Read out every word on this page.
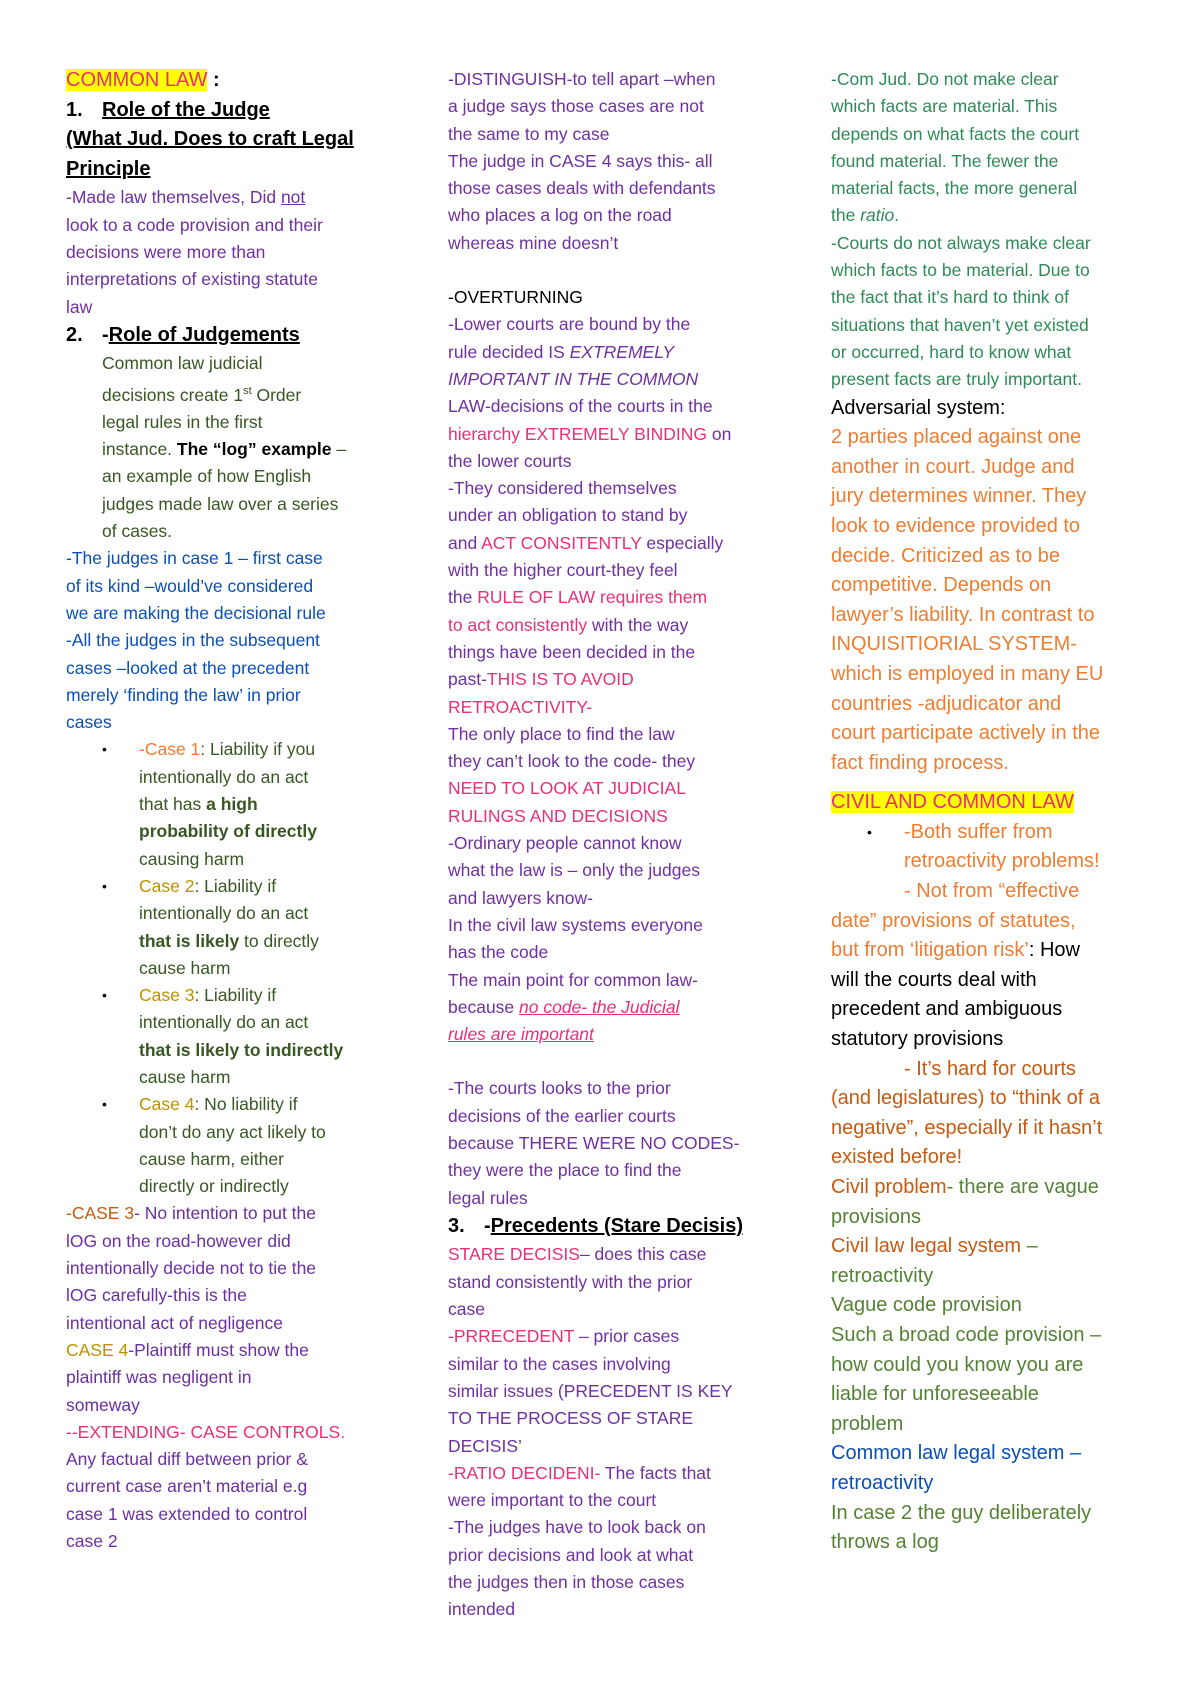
COMMON LAW :
1. Role of the Judge
(What Jud. Does to craft Legal
Principle
-Made law themselves, Did not
look to a code provision and their
decisions were more than
interpretations of existing statute
law
2. - Role of Judgements
Common law judicial
decisions create 1st Order
legal rules in the first
instance. The “log” example –
an example of how English
judges made law over a series
of cases.
-The judges in case 1 – first case
of its kind –would’ve considered
we are making the decisional rule
-All the judges in the subsequent
cases –looked at the precedent
merely ‘finding the law’ in prior
cases
• -Case 1: Liability if you
intentionally do an act
that has a high
probability of directly
causing harm
• Case 2: Liability if
intentionally do an act
that is likely to directly
cause harm
• Case 3: Liability if
intentionally do an act
that is likely to indirectly
cause harm
• Case 4: No liability if
don’t do any act likely to
cause harm, either
directly or indirectly
-CASE 3- No intention to put the
lOG on the road-however did
intentionally decide not to tie the
lOG carefully-this is the
intentional act of negligence
CASE 4-Plaintiff must show the
plaintiff was negligent in
someway
--EXTENDING- CASE CONTROLS.
Any factual diff between prior &
current case aren’t material e.g
case 1 was extended to control
case 2
-DISTINGUISH-to tell apart –when
a judge says those cases are not
the same to my case
The judge in CASE 4 says this- all
those cases deals with defendants
who places a log on the road
whereas mine doesn’t
-OVERTURNING
-Lower courts are bound by the
rule decided IS EXTREMELY
IMPORTANT IN THE COMMON
LAW-decisions of the courts in the
hierarchy EXTREMELY BINDING on
the lower courts
-They considered themselves
under an obligation to stand by
and ACT CONSITENTLY especially
with the higher court-they feel
the RULE OF LAW requires them
to act consistently with the way
things have been decided in the
past-THIS IS TO AVOID
RETROACTIVITY-
The only place to find the law
they can’t look to the code- they
NEED TO LOOK AT JUDICIAL
RULINGS AND DECISIONS
-Ordinary people cannot know
what the law is – only the judges
and lawyers know-
In the civil law systems everyone
has the code
The main point for common law-
because no code- the Judicial
rules are important
-The courts looks to the prior
decisions of the earlier courts
because THERE WERE NO CODES-
they were the place to find the
legal rules
3. - Precedents (Stare Decisis)
STARE DECISIS– does this case
stand consistently with the prior
case
-PRRECEDENT – prior cases
similar to the cases involving
similar issues (PRECEDENT IS KEY
TO THE PROCESS OF STARE
DECISIS’
-RATIO DECIDENI- The facts that
were important to the court
-The judges have to look back on
prior decisions and look at what
the judges then in those cases
intended
-Com Jud. Do not make clear
which facts are material. This
depends on what facts the court
found material. The fewer the
material facts, the more general
the ratio.
-Courts do not always make clear
which facts to be material. Due to
the fact that it’s hard to think of
situations that haven’t yet existed
or occurred, hard to know what
present facts are truly important.
Adversarial system:
2 parties placed against one
another in court. Judge and
jury determines winner. They
look to evidence provided to
decide. Criticized as to be
competitive. Depends on
lawyer’s liability. In contrast to
INQUISITIORIAL SYSTEM-
which is employed in many EU
countries -adjudicator and
court participate actively in the
fact finding process.
CIVIL AND COMMON LAW
• -Both suffer from
retroactivity problems!
- Not from “effective
date” provisions of statutes,
but from ‘litigation risk’: How
will the courts deal with
precedent and ambiguous
statutory provisions
- It’s hard for courts
(and legislatures) to “think of a
negative”, especially if it hasn’t
existed before!
Civil problem- there are vague
provisions
Civil law legal system –
retroactivity
Vague code provision
Such a broad code provision –
how could you know you are
liable for unforeseeable
problem
Common law legal system –
retroactivity
In case 2 the guy deliberately
throws a log
